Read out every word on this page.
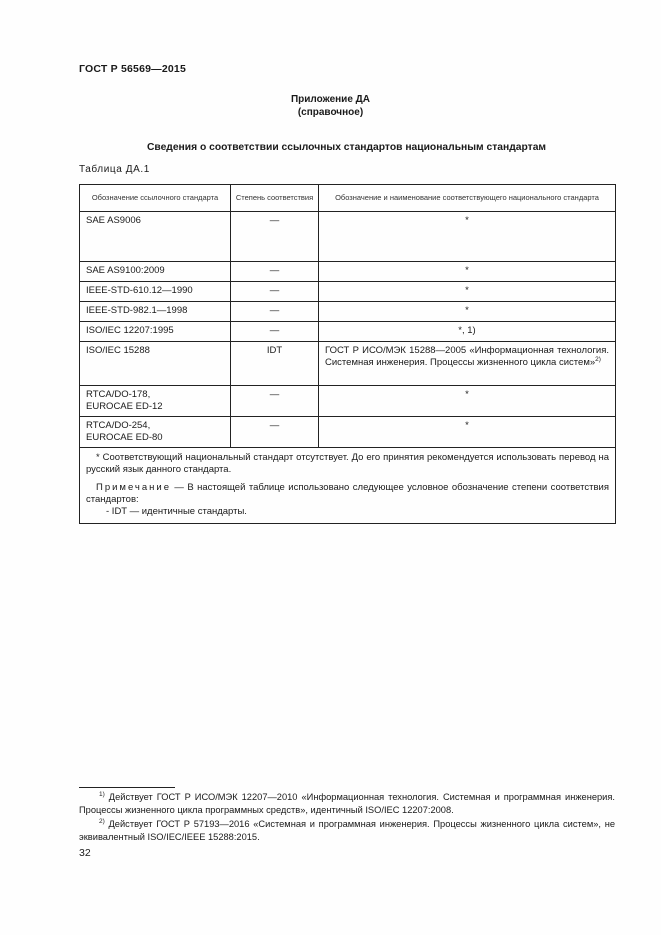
ГОСТ Р 56569—2015
Приложение ДА
(справочное)
Сведения о соответствии ссылочных стандартов национальным стандартам
Таблица ДА.1
Обозначение ссылочного стандарта	Степень соответствия	Обозначение и наименование соответствующего национального стандарта
SAE AS9006	—	*
SAE AS9100:2009	—	*
IEEE-STD-610.12—1990	—	*
IEEE-STD-982.1—1998	—	*
ISO/IEC 12207:1995	—	*, 1)
ISO/IEC 15288	IDT	ГОСТ Р ИСО/МЭК 15288—2005 «Информационная технология. Системная инженерия. Процессы жизненного цикла систем»$^{2)}$

RTCA/DO-178,
EUROCAE ED-12	—	*

RTCA/DO-254,
EUROCAE ED-80	—	*

* Соответствующий национальный стандарт отсутствует. До его принятия рекомендуется использовать перевод на русский язык данного стандарта.
Примечание — В настоящей таблице использовано следующее условное обозначение степени соответствия стандартов:
- IDT — идентичные стандарты.		
$^{1)}$ Действует ГОСТ Р ИСО/МЭК 12207—2010 «Информационная технология. Системная и программная инженерия. Процессы жизненного цикла программных средств», идентичный ISO/IEC 12207:2008.
$^{2)}$ Действует ГОСТ Р 57193—2016 «Системная и программная инженерия. Процессы жизненного цикла систем», не эквивалентный ISO/IEC/IEEE 15288:2015.
32
